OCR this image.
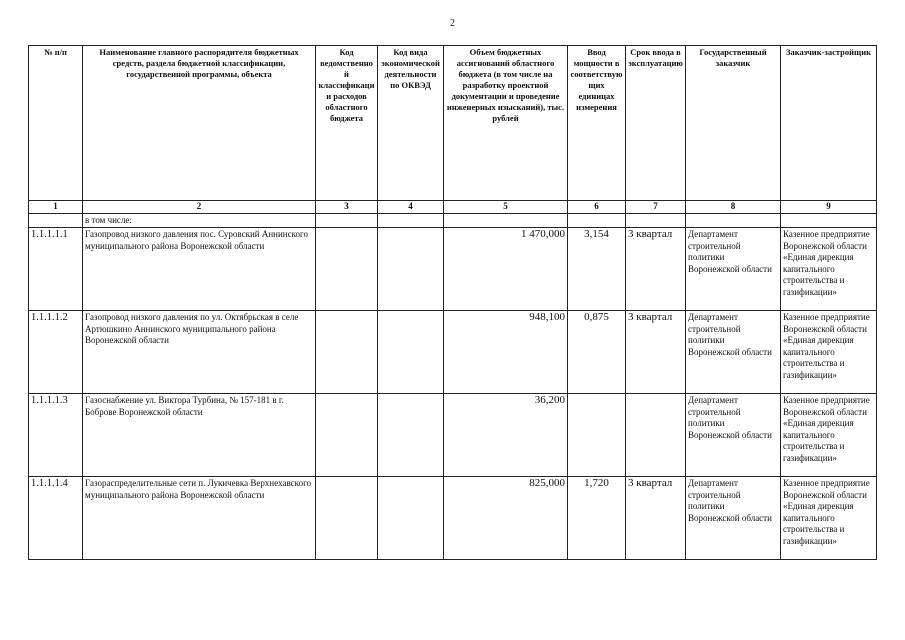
2
№ п/п	Наименование главного распорядителя бюджетных средств, раздела бюджетной классификации, государственной программы, объекта	Код ведомственной классификации расходов областного бюджета	Код вида экономической деятельности по ОКВЭД	Объем бюджетных ассигнований областного бюджета (в том числе на разработку проектной документации и проведение инженерных изысканий), тыс. рублей	Ввод мощности в соответствующих единицах измерения	Срок ввода в эксплуатацию	Государственный заказчик	Заказчик-застройщик
1	2	3	4	5	6	7	8	9
	в том числе:							
1.1.1.1.1	Газопровод низкого давления пос. Суровский Аннинского муниципального района Воронежской области			1 470,000	3,154	3 квартал	Департамент строительной политики Воронежской области	Казенное предприятие Воронежской области «Единая дирекция капитального строительства и газификации»
1.1.1.1.2	Газопровод низкого давления по ул. Октябрьская в селе Артюшкино Аннинского муниципального района Воронежской области			948,100	0,875	3 квартал	Департамент строительной политики Воронежской области	Казенное предприятие Воронежской области «Единая дирекция капитального строительства и газификации»
1.1.1.1.3	Газоснабжение ул. Виктора Турбина, № 157-181 в г. Боброве Воронежской области			36,200			Департамент строительной политики Воронежской области	Казенное предприятие Воронежской области «Единая дирекция капитального строительства и газификации»
1.1.1.1.4	Газораспределительные сети п. Лукичевка Верхнехавского муниципального района Воронежской области			825,000	1,720	3 квартал	Департамент строительной политики Воронежской области	Казенное предприятие Воронежской области «Единая дирекция капитального строительства и газификации»
